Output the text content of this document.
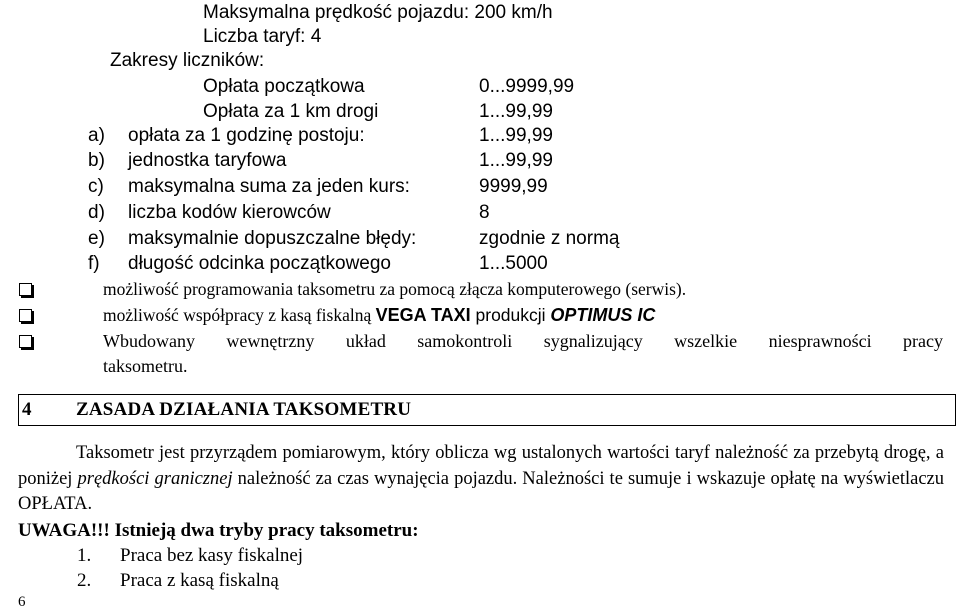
Maksymalna prędkość pojazdu: 200 km/h
Liczba taryf: 4
Zakresy liczników:
Opłata początkowa	0...9999,99
Opłata za 1 km drogi	1...99,99
a) opłata za 1 godzinę postoju:	1...99,99
b) jednostka taryfowa	1...99,99
c) maksymalna suma za jeden kurs:	9999,99
d) liczba kodów kierowców	8
e) maksymalnie dopuszczalne błędy:	zgodnie z normą
f) długość odcinka początkowego	1...5000
możliwość programowania taksometru za pomocą złącza komputerowego (serwis).
możliwość współpracy z kasą fiskalną VEGA TAXI produkcji OPTIMUS IC
Wbudowany wewnętrzny układ samokontroli sygnalizujący wszelkie niesprawności pracy
taksometru.
4 ZASADA DZIAŁANIA TAKSOMETRU
Taksometr jest przyrządem pomiarowym, który oblicza wg ustalonych wartości taryf należność za przebytą drogę, a poniżej prędkości granicznej należność za czas wynajęcia pojazdu. Należności te sumuje i wskazuje opłatę na wyświetlaczu OPŁATA.
UWAGA!!! Istnieją dwa tryby pracy taksometru:
1. Praca bez kasy fiskalnej
2. Praca z kasą fiskalną
6
